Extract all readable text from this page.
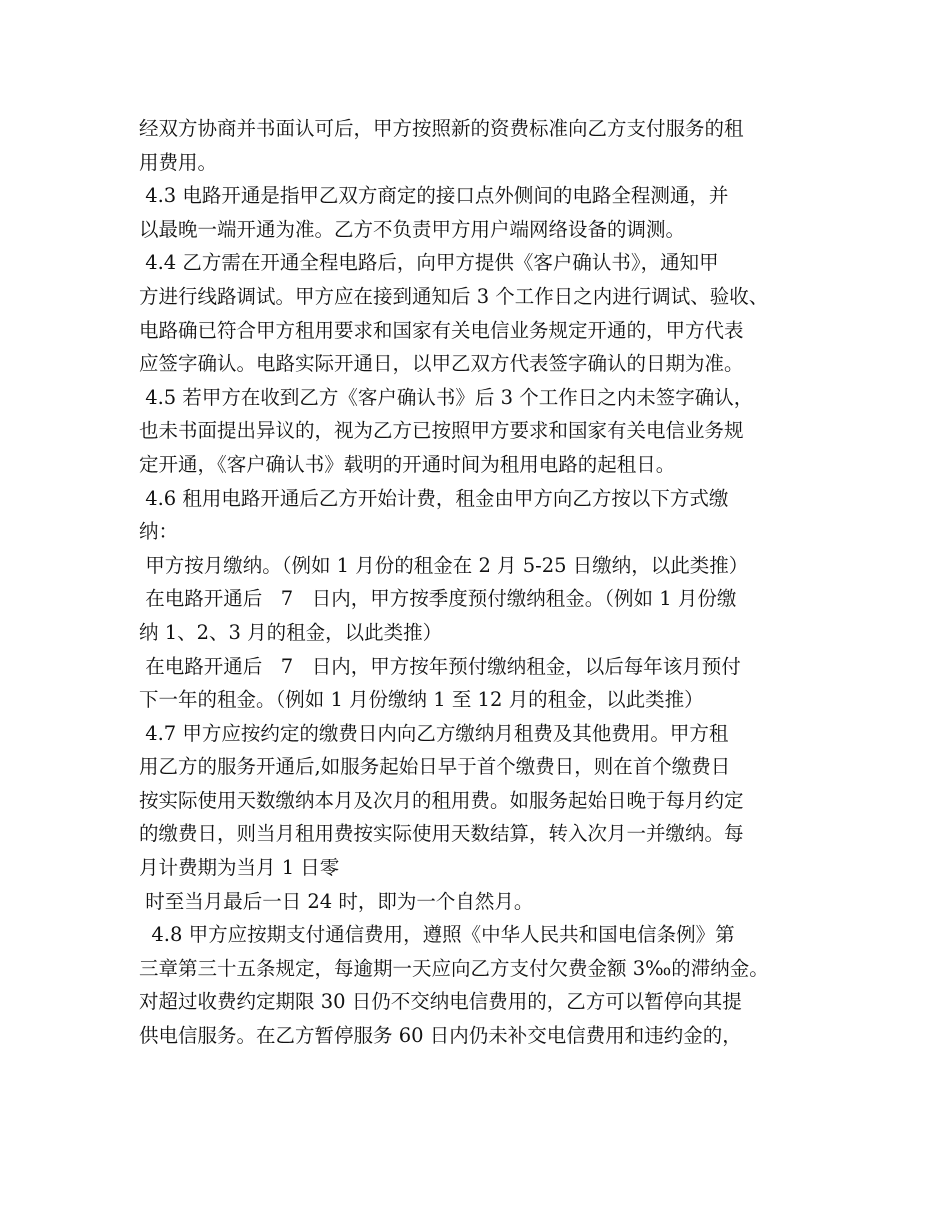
经双方协商并书面认可后，甲方按照新的资费标准向乙方支付服务的租
用费用。
4.3 电路开通是指甲乙双方商定的接口点外侧间的电路全程测通，并
以最晚一端开通为准。乙方不负责甲方用户端网络设备的调测。
4.4 乙方需在开通全程电路后，向甲方提供《客户确认书》，通知甲
方进行线路调试。甲方应在接到通知后 3 个工作日之内进行调试、验收、
电路确已符合甲方租用要求和国家有关电信业务规定开通的，甲方代表
应签字确认。电路实际开通日，以甲乙双方代表签字确认的日期为准。
4.5 若甲方在收到乙方《客户确认书》后 3 个工作日之内未签字确认，
也未书面提出异议的，视为乙方已按照甲方要求和国家有关电信业务规
定开通，《客户确认书》载明的开通时间为租用电路的起租日。
4.6 租用电路开通后乙方开始计费，租金由甲方向乙方按以下方式缴
纳：
甲方按月缴纳。（例如 1 月份的租金在 2 月 5-25 日缴纳，以此类推）
在电路开通后   7   日内，甲方按季度预付缴纳租金。（例如 1 月份缴
纳 1、2、3 月的租金，以此类推）
在电路开通后   7   日内，甲方按年预付缴纳租金，以后每年该月预付
下一年的租金。（例如 1 月份缴纳 1 至 12 月的租金，以此类推）
4.7 甲方应按约定的缴费日内向乙方缴纳月租费及其他费用。甲方租
用乙方的服务开通后,如服务起始日早于首个缴费日，则在首个缴费日
按实际使用天数缴纳本月及次月的租用费。如服务起始日晚于每月约定
的缴费日，则当月租用费按实际使用天数结算，转入次月一并缴纳。每
月计费期为当月 1 日零
时至当月最后一日 24 时，即为一个自然月。
4.8 甲方应按期支付通信费用，遵照《中华人民共和国电信条例》第
三章第三十五条规定，每逾期一天应向乙方支付欠费金额 3‰的滞纳金。
对超过收费约定期限 30 日仍不交纳电信费用的，乙方可以暂停向其提
供电信服务。在乙方暂停服务 60 日内仍未补交电信费用和违约金的，
